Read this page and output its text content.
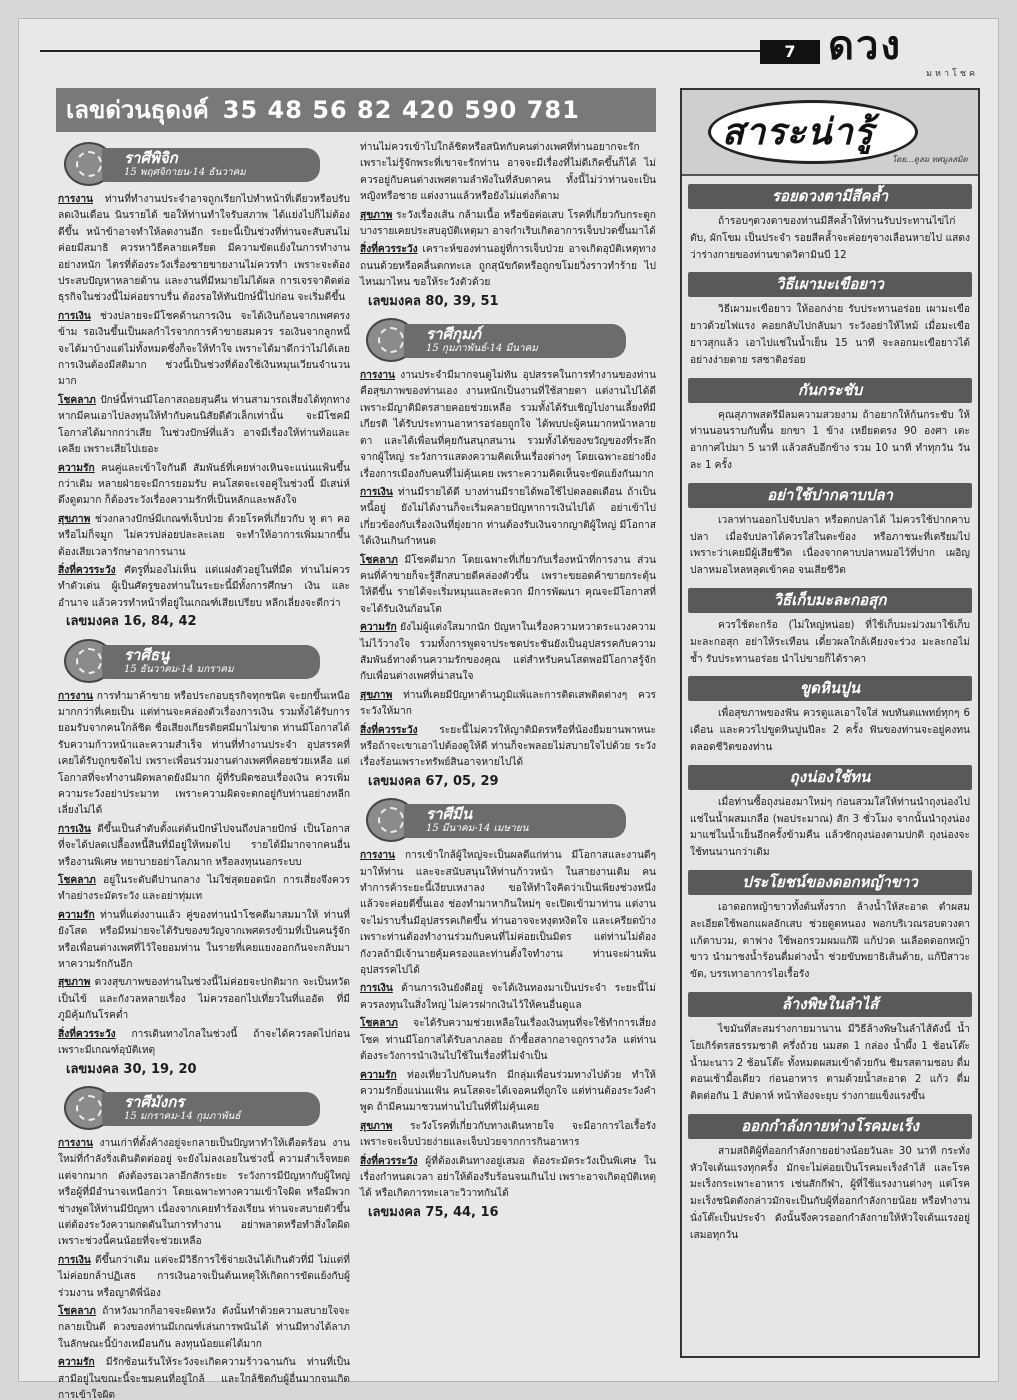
7 ดวง
มหาโชค
เลขด่วนธุดงค์ 35 48 56 82 420 590 781
ราศีพิจิก
15 พฤศจิกายน-14 ธันวาคม

การงาน ท่านที่ทำงานประจำอาจถูกเรียกไปทำหน้าที่เดียวหรือปรับลดเงินเดือน นินรายได้ ขอให้ท่านทำใจรับสภาพ ได้แย่งไปก็ไม่ต้องดีขึ้น หน้าข้าอาจทำให้ลดงานอีก ระยะนี้เป็นช่วงที่ท่านจะสับสนไม่ค่อยมีสมาธิ ควรหาวิธีคลายเครียด มีความขัดแย้งในการทำงานอย่างหนัก ไตรที่ต้องระวังเรื่องชายขายงานไม่ควรทำ เพราะจะต้องประสบปัญหาหลายด้าน และงานที่มีหมายไม่ได้ผล การเจรจาติดต่อธุรกิจในช่วงนี้ไม่ค่อยราบรื่น ต้องรอให้ทันปักษ์นี้ไปก่อน จะเริ่มดีขึ้น

การเงิน ช่วงปลายจะมีโชคด้านการเงิน จะได้เงินก้อนจากเพศตรงข้าม รอเงินขึ้นเป็นผลกำไรจากการค้าขายสมควร รอเงินจากลูกหนี้จะได้มาบ้างแต่ไม่ทั้งหมดซึ่งก็จะให้ทำใจ เพราะได้มาดีกว่าไม่ได้เลย การเงินต้องมีสติมาก ช่วงนี้เป็นช่วงที่ต้องใช้เงินหมุนเวียนจำนวนมาก

โชคลาภ ปักษ์นี้ท่านมีโอกาสถอยสุนคืน ท่านสามารถเสี่ยงได้ทุกทาง หากมีคนเอาไปลงทุนให้ทำกับคนนิสัยดีตัวเล็กเท่านั้น จะมีโชคมีโอกาสได้มากกว่าเสีย ในช่วงปักษ์ที่แล้ว อาจมีเรื่องให้ท่านท้อและเคลีย เพราะเสียไปเยอะ

ความรัก คนคู่และเข้าใจกันดี สัมพันธ์ที่เคยห่างเหินจะแน่นแฟ้นขึ้นกว่าเดิม หลายฝ่ายจะมีการยอมรับ คนโสดจะเจอคู่ในช่วงนี้ มีเสน่ห์ดึงดูดมาก ก็ต้องระวังเรื่องความรักที่เป็นหลักและพลังใจ

สุขภาพ ช่วงกลางปักษ์มีเกณฑ์เจ็บป่วย ด้วยโรคที่เกี่ยวกับ หู ตา คอ หรือไม่ก็จมูก ไม่ควรปล่อยปละละเลย จะทำให้อาการเพิ่มมากขึ้น ต้องเสียเวลารักษาอาการนาน

สิ่งที่ควรระวัง ศัตรูที่มองไม่เห็น แต่แฝงตัวอยู่ในที่มืด ท่านไม่ควรทำตัวเด่น ผู้เป็นศัตรูของท่านในระยะนี้มีทั้งการศึกษา เงิน และอำนาจ แล้วควรทำหน้าที่อยู่ในเกณฑ์เสียเปรียบ หลีกเลี่ยงจะดีกว่า

เลขมงคล 16, 84, 42
ราศีธนู
15 ธันวาคม-14 มกราคม

การงาน การทำมาค้าขาย หรือประกอบธุรกิจทุกชนิด จะยกขึ้นเหนือมากกว่าที่เคยเป็น แต่ท่านจะคล่องตัวเรื่องการเงิน รวมทั้งได้รับการยอมรับจากคนใกล้ชิด ชื่อเสียงเกียรติยศมีมาไม่ขาด ท่านมีโอกาสได้รับความก้าวหน้าและความสำเร็จ ท่านที่ทำงานประจำ อุปสรรคที่เคยได้รับถูกขจัดไป เพราะเพื่อนร่วมงานต่างเพศที่คอยช่วยเหลือ แต่โอกาสที่จะทำงานผิดพลาดยังมีมาก ผู้ที่รับผิดชอบเรื่องเงิน ควรเพิ่มความระวังอย่าประมาท เพราะความผิดจะตกอยู่กับท่านอย่างหลีกเลี่ยงไม่ได้

การเงิน ดีขึ้นเป็นลำดับตั้งแต่ต้นปักษ์ไปจนถึงปลายปักษ์ เป็นโอกาสที่จะได้ปลดเปลื้องหนี้สินที่มีอยู่ให้หมดไป รายได้มีมากจากคนอื่นหรืองานพิเศษ หยาบายอย่าโลภมาก หรือลงทุนนอกระบบ

โชคลาภ อยู่ในระดับดีปานกลาง ไม่ใช่สุดยอดนัก การเสี่ยงจึงควรทำอย่างระมัดระวัง และอย่าทุ่มเท

ความรัก ท่านที่แต่งงานแล้ว คู่ของท่านนำโชคดีมาสมมาให้ ท่านที่ยังโสด หรือมีหม่ายจะได้รับของขวัญจากเพศตรงข้ามที่เป็นคนรู้จัก หรือเพื่อนต่างเพศที่ไว้ใจยอมท่าน ในรายที่เคยแยงออกกันจะกลับมาหาความรักกันอีก

สุขภาพ ดวงสุขภาพของท่านในช่วงนี้ไม่ค่อยจะปกติมาก จะเป็นหวัดเป็นไข้ และกังวลหลายเรื่อง ไม่ควรออกไปเที่ยวในที่แออัด ที่มีภูมิคุ้มกันโรคต่ำ

สิ่งที่ควรระวัง การเดินทางไกลในช่วงนี้ ถ้าจะได้ควรลดไปก่อน เพราะมีเกณฑ์อุบัติเหตุ

เลขมงคล 30, 19, 20
ราศีมังกร
15 มกราคม-14 กุมภาพันธ์

การงาน งานเก่าที่ตั้งค้างอยู่จะกลายเป็นปัญหาทำให้เดือดร้อน งานใหม่ที่กำลังริ่งเดินติดต่ออยู่ จะยังไม่ลงเอยในช่วงนี้ ความสำเร็จหยดแต่จากมาก ดังต้องรอเวลาอีกสักระยะ ระวังการมีปัญหากับผู้ใหญ่ หรือผู้ที่มีอำนาจเหนือกว่า โดยเฉพาะทางความเข้าใจผิด หรือมีพวกช่างพูดให้ท่านมีปัญหา เนื่องจากเคยทำร้องเรียน ท่านจะสบายตัวขึ้น แต่ต้องระวังความกดดันในการทำงาน อย่าพลาดหรือทำสิ่งใดผิด เพราะช่วงนี้คนน้อยที่จะช่วยเหลือ

การเงิน ดีขึ้นกว่าเดิม แต่จะมีวิธีการใช้จ่ายเงินได้เกินตัวที่มี ไม่แต่ที่ไม่ค่อยกล้าปฏิเสธ การเงินอาจเป็นต้นเหตุให้เกิดการขัดแย้งกับผู้ร่วมงาน หรือญาติพี่น้อง

โชคลาภ ถ้าหวังมากก็อาจจะผิดหวัง ดังนั้นทำด้วยความสบายใจจะกลายเป็นดี ดวงของท่านมีเกณฑ์เล่นการพนันได้ ท่านมีทางได้ลาภในลักษณะนี้บ้างเหมือนกัน ลงทุนน้อยแต่ได้มาก

ความรัก มีรักซ้อนเร้นให้ระวังจะเกิดความร้าวฉานกัน ท่านที่เป็นสามีอยู่ในขณะนี้จะชมคนที่อยู่ใกล้ และใกล้ชิดกับผู้อื่นมากจนเกิดการเข้าใจผิด

ท่านไม่ควรเข้าไปใกล้ชิดหรือสนิทกับคนต่างเพศที่ท่านอยากจะรัก เพราะไม่รู้จักพระที่เขาจะรักท่าน อาจจะมีเรื่องที่ไม่ดีเกิดขึ้นก็ได้ ไม่ควรอยู่กับคนต่างเพศตามลำพังในที่ลับตาคน ทั้งนี้ไม่ว่าท่านจะเป็นหญิงหรือชาย แต่งงานแล้วหรือยังไม่แต่งก็ตาม

สุขภาพ ระวังเรื่องเส้น กล้ามเนื้อ หรือข้อต่อเสบ โรคที่เกี่ยวกับกระดูก บางรายเคยประสบอุบัติเหตุมา อาจกำเริบเกิดอาการเจ็บปวดขึ้นมาได้

สิ่งที่ควรระวัง เคราะห์ของท่านอยู่ที่การเจ็บป่วย อาจเกิดอุบัติเหตุทางถนนด้วยหรือคลื่นตกทะเล ถูกสุนัขกัดหรือถูกขโมยวิ่งราวทำร้าย ไปไหนมาไหน ขอให้ระวังตัวด้วย

เลขมงคล 80, 39, 51
ราศีกุมภ์
15 กุมภาพันธ์-14 มีนาคม

การงาน งานประจำมีมากจนดูไม่ทัน อุปสรรคในการทำงานของท่านคือสุขภาพของท่านเอง งานหนักเป็นงานที่ใช้สายตา แต่งานไปได้ดีเพราะมีญาติมิตรสายคอยช่วยเหลือ รวมทั้งได้รับเชิญไปงานเลี้ยงที่มีเกียรติ ได้รับประทานอาหารอร่อยถูกใจ ได้พบปะผู้คนมากหน้าหลายตา และได้เพื่อนที่คุยกันสนุกสนาน รวมทั้งได้ของขวัญของที่ระลึกจากผู้ใหญ่ ระวังการแสดงความคิดเห็นเรื่องต่างๆ โดยเฉพาะอย่างยิ่งเรื่องการเมืองกับคนที่ไม่คุ้นเคย เพราะความคิดเห็นจะขัดแย้งกันมาก

การเงิน ท่านมีรายได้ดี บางท่านมีรายได้พอใช้ไปตลอดเดือน ถ้าเป็นหนี้อยู่ ยังไม่ได้งานก็จะเริ่มคลายปัญหาการเงินไปได้ อย่าเข้าไปเกี่ยวข้องกับเรื่องเงินที่ยุ่งยาก ท่านต้องรับเงินจากญาติผู้ใหญ่ มีโอกาสได้เงินเกินกำหนด

โชคลาภ มีโชคดีมาก โดยเฉพาะที่เกี่ยวกับเรื่องหน้าที่การงาน ส่วนคนที่ค้าขายก็จะรู้สึกสบายดีคล่องตัวขึ้น เพราะขยอดค้าขายกระตุ้นให้ดีขึ้น รายได้จะเริ่มหมุนและสะดวก มีการพัฒนา คุณจะมีโอกาสที่จะได้รับเงินก้อนโต

ความรัก ยังไม่ผู้แต่งใสมากนัก ปัญหาในเรื่องความหวาดระแวงความไม่ไว้วางใจ รวมทั้งการพูดจาประชดประชันยังเป็นอุปสรรคกับความสัมพันธ์ทางด้านความรักของคุณ แต่สำหรับคนโสดพอมีโอกาสรู้จักกับเพื่อนต่างเพศที่น่าสนใจ

สุขภาพ ท่านที่เคยมีปัญหาด้านภูมิแพ้และการติดเสพติดต่างๆ ควรระวังให้มาก

สิ่งที่ควรระวัง ระยะนี้ไม่ควรให้ญาติมิตรหรือที่น้องยืมยานพาหนะ หรือถ้าจะเขาเอาไปต้องดูให้ดี ท่านก็จะพลอยไม่สบายใจไปด้วย ระวังเรื่องร้อนเพราะทรัพย์สินอาจหายไปได้

เลขมงคล 67, 05, 29
ราศีมีน
15 มีนาคม-14 เมษายน

การงาน การเข้าใกล้ผู้ใหญ่จะเป็นผลดีแก่ท่าน มีโอกาสและงานดีๆ มาให้ท่าน และจะสนับสนุนให้ท่านก้าวหน้า ในสายงานเดิม คนทำการค้าระยะนี้เงียบเหงาลง ขอให้ทำใจคิดว่าเป็นเพียงช่วงหนึ่ง แล้วจะค่อยดีขึ้นเอง ช่องทำมาหากินใหม่ๆ จะเปิดเข้ามาท่าน แต่งานจะไม่ราบรื่นมีอุปสรรคเกิดขึ้น ท่านอาจจะหงุดหงิดใจ และเครียดบ้าง เพราะท่านต้องทำงานร่วมกับคนที่ไม่ค่อยเป็นมิตร แต่ท่านไม่ต้องกังวลถ้ามีเจ้านายคุ้มครองและท่านตั้งใจทำงาน ท่านจะผ่านพ้นอุปสรรคไปได้

การเงิน ด้านการเงินยังดีอยู่ จะได้เงินทองมาเป็นประจำ ระยะนี้ไม่ควรลงทุนในสิ่งใหญ่ ไม่ควรฝากเงินไว้ให้คนอื่นดูแล

โชคลาภ จะได้รับความช่วยเหลือในเรื่องเงินทุนที่จะใช้ทำการเสี่ยงโชค ท่านมีโอกาสได้รับลาภลอย ถ้าซื้อสลากอาจถูกรางวัล แต่ท่านต้องระวังการนำเงินไปใช้ในเรื่องที่ไม่จำเป็น

ความรัก ท่องเที่ยวไปกับคนรัก มีกลุ่มเพื่อนร่วมทางไปด้วย ทำให้ความรักยิ่งแน่นแฟ้น คนโสดจะได้เจอคนที่ถูกใจ แต่ท่านต้องระวังคำพูด ถ้ามีคนมาชวนท่านไปในที่ที่ไม่คุ้นเคย

สุขภาพ ระวังโรคที่เกี่ยวกับทางเดินหายใจ จะมีอาการไอเรื้อรัง เพราะจะเจ็บป่วยง่ายและเจ็บป่วยจากการกินอาหาร

สิ่งที่ควรระวัง ผู้ที่ต้องเดินทางอยู่เสมอ ต้องระมัดระวังเป็นพิเศษ ในเรื่องกำหนดเวลา อย่าให้ต้องรีบร้อนจนเกินไป เพราะอาจเกิดอุบัติเหตุได้ หรือเกิดการทะเลาะวิวาทกันได้

เลขมงคล 75, 44, 16
สาระน่ารู้
โดย...ดูลม ทศมูลสมิต
รอยดวงตามีสีคล้ำ

ถ้ารอบๆดวงตาของท่านมีสีคล้ำให้ท่านรับประทานไข่ไก่ ตับ, ผักโขม เป็นประจำ รอยสีคล้ำจะค่อยๆจางเลือนหายไป แสดงว่าร่างกายของท่านขาดวิตามินบี 12

วิธีเผามะเขือยาว

วิธีเผามะเขือยาว ให้ออกง่าย รับประทานอร่อย เผามะเขือยาวด้วยไฟแรง คอยกลับไปกลับมา ระวังอย่าให้ไหม้ เมื่อมะเขือยาวสุกแล้ว เอาไปแช่ในน้ำเย็น 15 นาที จะลอกมะเขือยาวได้อย่างง่ายดาย รสชาติอร่อย

กันกระชับ

คุณสุภาพสตรีมีลมความสวยงาม ถ้าอยากให้ก้นกระชับ ให้ท่านนอนราบกับพื้น ยกขา 1 ข้าง เหยียดตรง 90 องศา เตะอากาศไปมา 5 นาที แล้วสลับอีกข้าง รวม 10 นาที ทำทุกวัน วันละ 1 ครั้ง

อย่าใช้ปากคาบปลา

เวลาท่านออกไปจับปลา หรือตกปลาได้ ไม่ควรใช้ปากคาบปลา เมื่อจับปลาได้ควรใส่ในตะข้อง หรือภาชนะที่เตรียมไป เพราะว่าเคยมีผู้เสียชีวิต เนื่องจากคาบปลาหมอไว้ที่ปาก เผอิญปลาหมอไหลหลุดเข้าคอ จนเสียชีวิต

วิธีเก็บมะละกอสุก

ควรใช้ตะกร้อ (ไม่ใหญ่หน่อย) ที่ใช้เก็บมะม่วงมาใช้เก็บมะละกอสุก อย่าให้ระเทือน เดี๋ยวผลใกล้เคียงจะร่วง มะละกอไม่ช้ำ รับประทานอร่อย นำไปขายก็ได้ราคา

ขูดหินปูน

เพื่อสุขภาพของฟัน ควรดูแลเอาใจใส่ พบทันตแพทย์ทุกๆ 6 เดือน และควรไปขูดหินปูนปีละ 2 ครั้ง ฟันของท่านจะอยู่คงทนตลอดชีวิตของท่าน

ถุงน่องใช้ทน

เมื่อท่านซื้อถุงน่องมาใหม่ๆ ก่อนสวมใส่ให้ท่านนำถุงน่องไปแช่ในน้ำผสมเกลือ (พอประมาณ) สัก 3 ชั่วโมง จากนั้นนำถุงน่องมาแช่ในน้ำเย็นอีกครั้งข้ามคืน แล้วซักถุงน่องตามปกติ ถุงน่องจะใช้ทนนานกว่าเดิม

ประโยชน์ของดอกหญ้าขาว

เอาดอกหญ้าขาวทั้งต้นทั้งราก ล้างน้ำให้สะอาด ตำผสมละเอียดใช้พอกแผลอักเสบ ช่วยดูดหนอง พอกบริเวณรอบดวงตา แก้ตาบวม, ตาฟาง ใช้พอกรวมผมแก้ฝี แก้ปวด นเลือดดอกหญ้าขาว นำมาชงน้ำร้อนดื่มต่างน้ำ ช่วยขับพยาธิเส้นด้าย, แก้ปีสาวะขัด, บรรเทาอาการไอเรื้อรัง

ล้างพิษในลำไส้

ไขมันที่สะสมร่างกายมานาน มีวิธีล้างพิษในลำไส้ดังนี้ น้ำโยเกิร์ตรสธรรมชาติ ครึ่งถ้วย นมสด 1 กล่อง น้ำผึ้ง 1 ช้อนโต๊ะ น้ำมะนาว 2 ช้อนโต๊ะ ทั้งหมดผสมเข้าด้วยกัน ชิมรสตามชอบ ดื่มตอนเช้ามื้อเดียว ก่อนอาหาร ตามด้วยน้ำสะอาด 2 แก้ว ดื่มติดต่อกัน 1 สัปดาห์ หน้าท้องจะยุบ ร่างกายแข็งแรงขึ้น

ออกกำลังกายห่างโรคมะเร็ง

สามสถิติผู้ที่ออกกำลังกายอย่างน้อยวันละ 30 นาที กระทั่งหัวใจเต้นแรงทุกครั้ง มักจะไม่ค่อยเป็นโรคมะเร็งลำไส้ และโรคมะเร็งกระเพาะอาหาร เช่นสักกีฬา, ผู้ที่ใช้แรงงานต่างๆ แต่โรคมะเร็งชนิดดังกล่าวมักจะเป็นกับผู้ที่ออกกำลังกายน้อย หรือทำงานนั่งโต๊ะเป็นประจำ ดังนั้นจึงควรออกกำลังกายให้หัวใจเต้นแรงอยู่เสมอทุกวัน
